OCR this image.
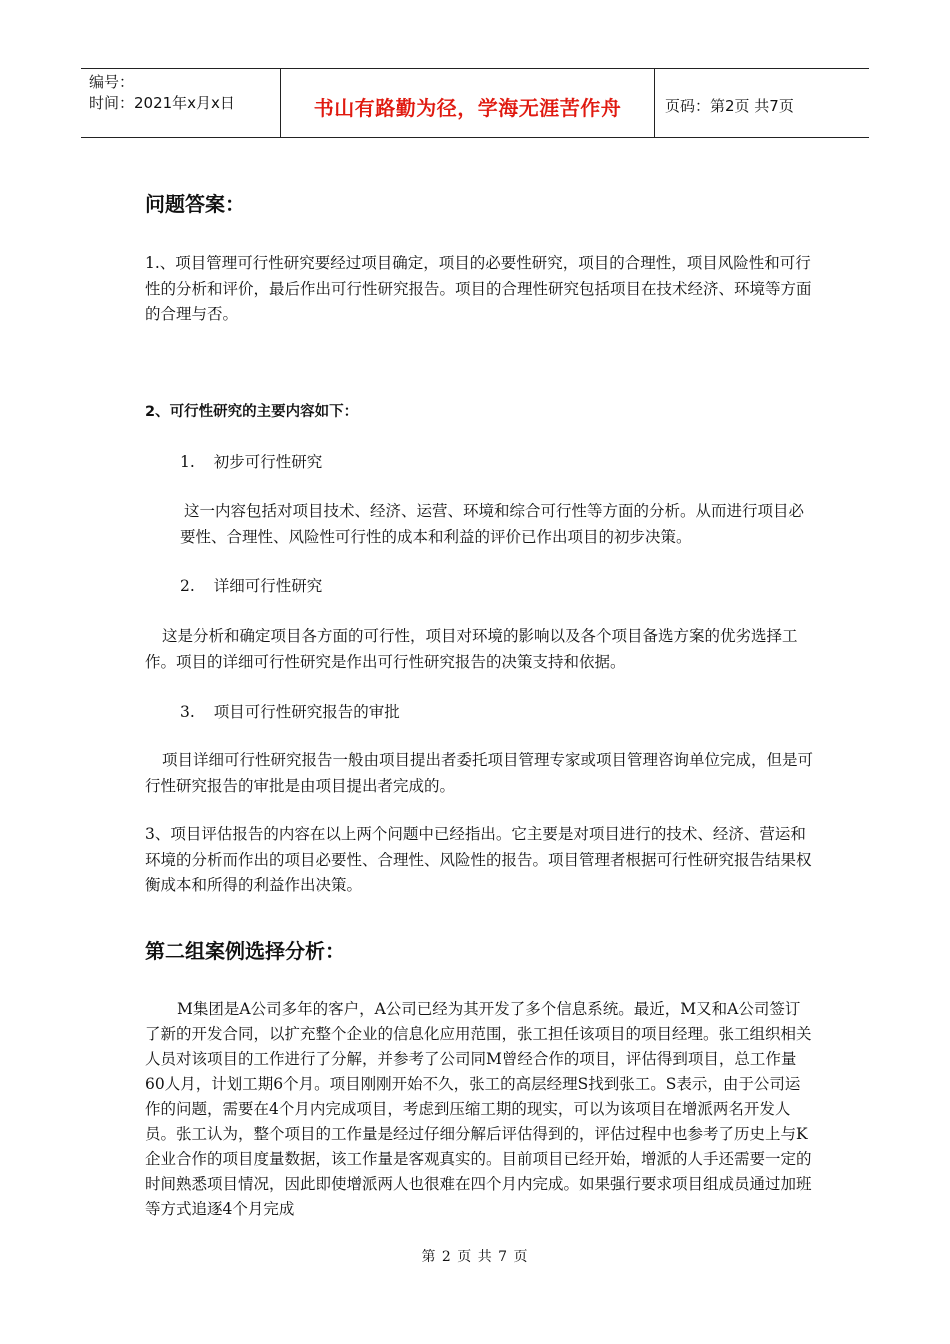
编号：
时间：2021年x月x日	书山有路勤为径，学海无涯苦作舟	页码：第2页 共7页
问题答案：
1.、项目管理可行性研究要经过项目确定，项目的必要性研究，项目的合理性，项目风险性和可行性的分析和评价，最后作出可行性研究报告。项目的合理性研究包括项目在技术经济、环境等方面的合理与否。
2、可行性研究的主要内容如下：
1. 初步可行性研究
这一内容包括对项目技术、经济、运营、环境和综合可行性等方面的分析。从而进行项目必要性、合理性、风险性可行性的成本和利益的评价已作出项目的初步决策。
2. 详细可行性研究
这是分析和确定项目各方面的可行性，项目对环境的影响以及各个项目备选方案的优劣选择工作。项目的详细可行性研究是作出可行性研究报告的决策支持和依据。
3. 项目可行性研究报告的审批
项目详细可行性研究报告一般由项目提出者委托项目管理专家或项目管理咨询单位完成，但是可行性研究报告的审批是由项目提出者完成的。
3、项目评估报告的内容在以上两个问题中已经指出。它主要是对项目进行的技术、经济、营运和环境的分析而作出的项目必要性、合理性、风险性的报告。项目管理者根据可行性研究报告结果权衡成本和所得的利益作出决策。
第二组案例选择分析：
M集团是A公司多年的客户，A公司已经为其开发了多个信息系统。最近，M又和A公司签订了新的开发合同，以扩充整个企业的信息化应用范围，张工担任该项目的项目经理。张工组织相关人员对该项目的工作进行了分解，并参考了公司同M曾经合作的项目，评估得到项目，总工作量60人月，计划工期6个月。项目刚刚开始不久，张工的高层经理S找到张工。S表示，由于公司运作的问题，需要在4个月内完成项目，考虑到压缩工期的现实，可以为该项目在增派两名开发人员。张工认为，整个项目的工作量是经过仔细分解后评估得到的，评估过程中也参考了历史上与K企业合作的项目度量数据，该工作量是客观真实的。目前项目已经开始，增派的人手还需要一定的时间熟悉项目情况，因此即使增派两人也很难在四个月内完成。如果强行要求项目组成员通过加班等方式追逐4个月完成
第 2 页 共 7 页
